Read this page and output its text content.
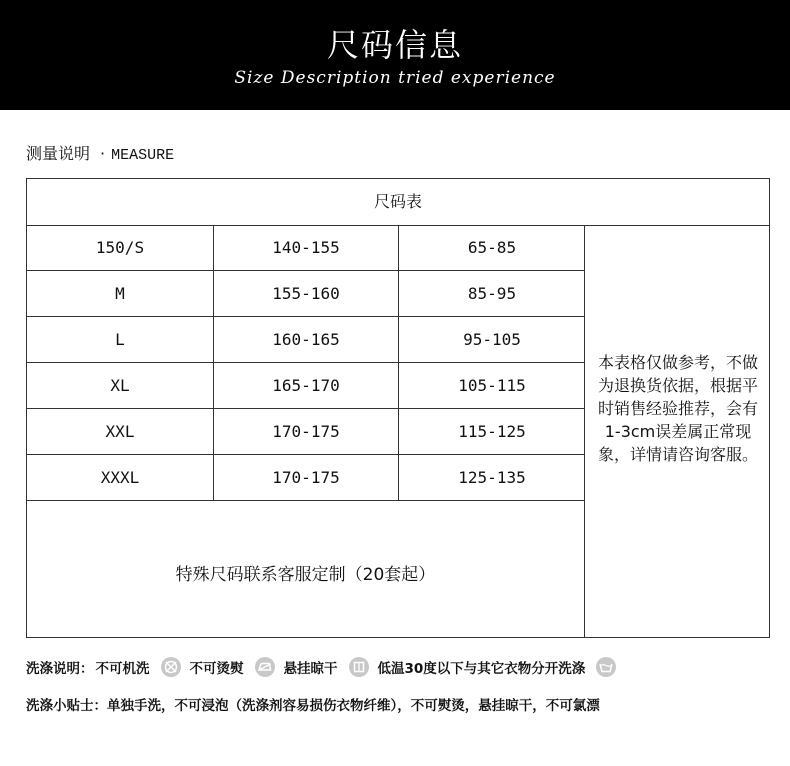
尺码信息
Size Description tried experience
测量说明 · MEASURE
尺码表
150/S	140-155	65-85
M	155-160	85-95
L	160-165	95-105
XL	165-170	105-115
XXL	170-175	115-125
XXXL	170-175	125-135
特殊尺码联系客服定制（20套起）
本表格仅做参考，不做为退换货依据，根据平时销售经验推荐，会有1-3cm误差属正常现象，详情请咨询客服。
洗涤说明： 不可机洗	不可烫熨	悬挂晾干	低温30度以下与其它衣物分开洗涤
洗涤小贴士：单独手洗，不可浸泡（洗涤剂容易损伤衣物纤维），不可熨烫，悬挂晾干，不可氯漂
